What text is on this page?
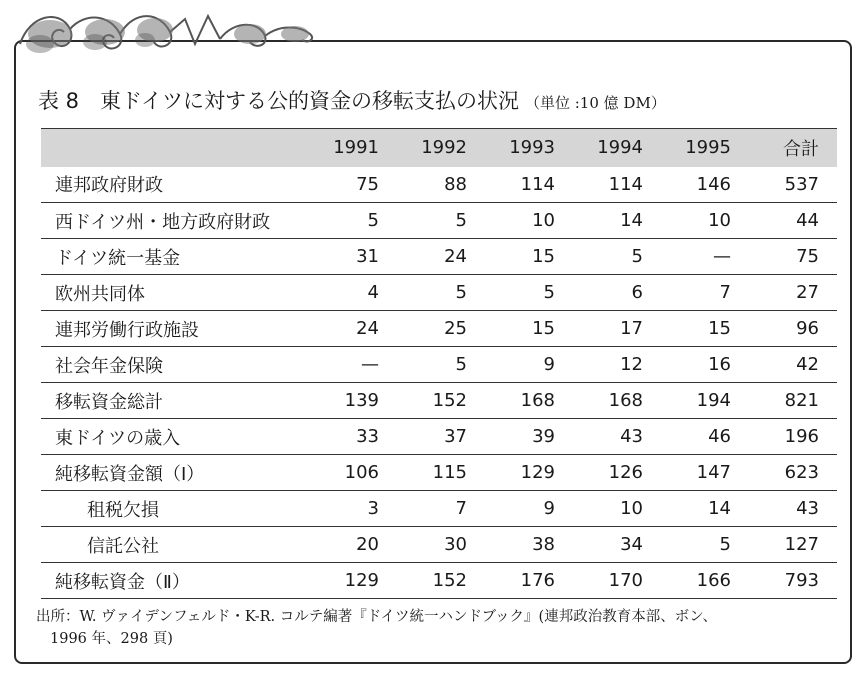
表 8　東ドイツに対する公的資金の移転支払の状況 （単位 :10 億 DM）
	1991	1992	1993	1994	1995	合計
連邦政府財政	75	88	114	114	146	537
西ドイツ州・地方政府財政	5	5	10	14	10	44
ドイツ統一基金	31	24	15	5	—	75
欧州共同体	4	5	5	6	7	27
連邦労働行政施設	24	25	15	17	15	96
社会年金保険	—	5	9	12	16	42
移転資金総計	139	152	168	168	194	821
東ドイツの歳入	33	37	39	43	46	196
純移転資金額（Ⅰ）	106	115	129	126	147	623
租税欠損	3	7	9	10	14	43
信託公社	20	30	38	34	5	127
純移転資金（Ⅱ）	129	152	176	170	166	793
出所：W. ヴァイデンフェルド・K-R. コルテ編著『ドイツ統一ハンドブック』(連邦政治教育本部、ボン、
1996 年、298 頁)
